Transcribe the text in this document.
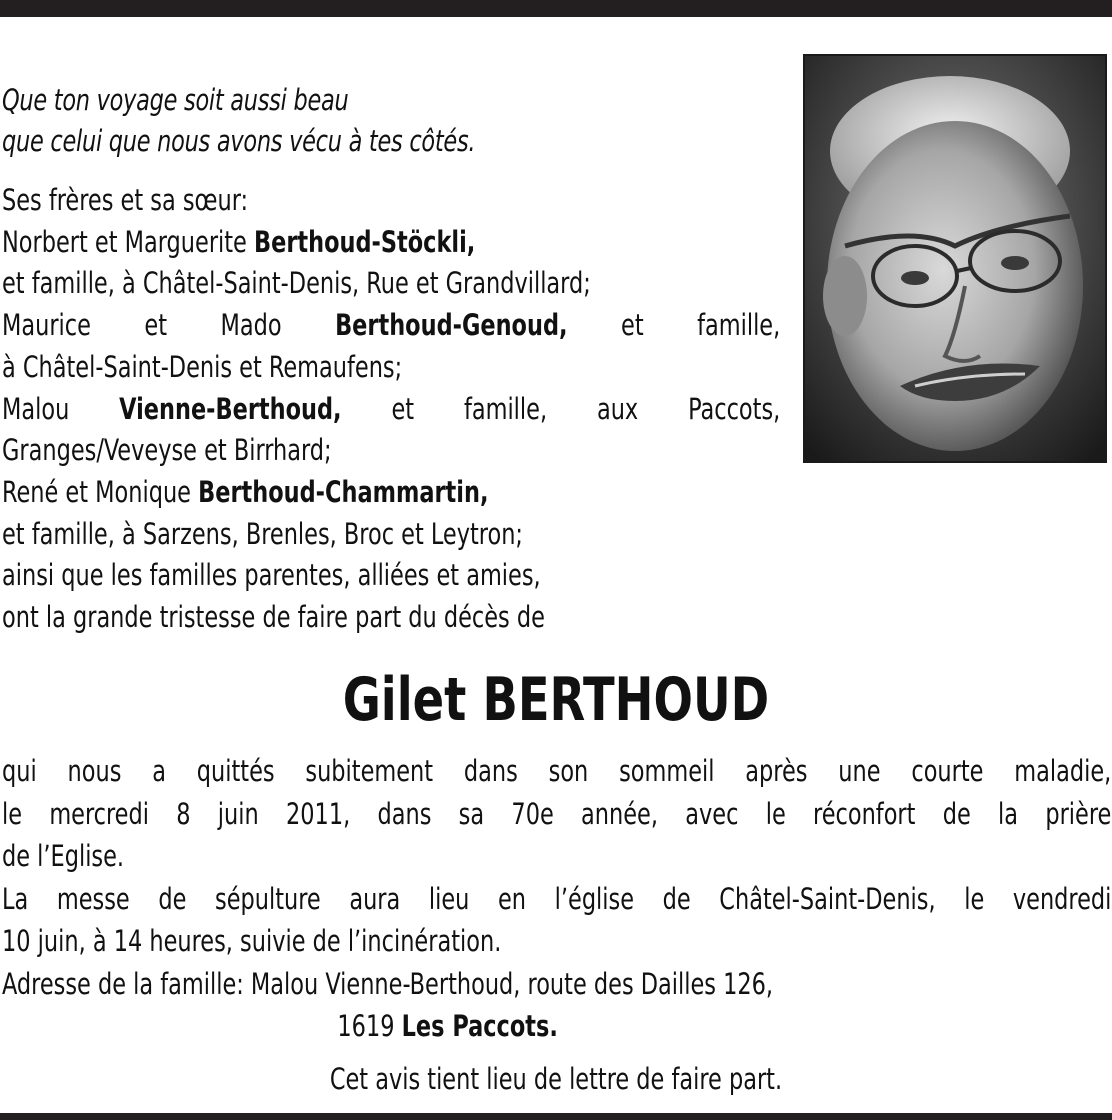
Que ton voyage soit aussi beau
que celui que nous avons vécu à tes côtés.
Ses frères et sa sœur:
Norbert et Marguerite Berthoud-Stöckli,
et famille, à Châtel-Saint-Denis, Rue et Grandvillard;
Maurice et Mado Berthoud-Genoud, et famille,
à Châtel-Saint-Denis et Remaufens;
Malou Vienne-Berthoud, et famille, aux Paccots,
Granges/Veveyse et Birrhard;
René et Monique Berthoud-Chammartin,
et famille, à Sarzens, Brenles, Broc et Leytron;
ainsi que les familles parentes, alliées et amies,
ont la grande tristesse de faire part du décès de
Gilet BERTHOUD
qui nous a quittés subitement dans son sommeil après une courte maladie,
le mercredi 8 juin 2011, dans sa 70e année, avec le réconfort de la prière
de l’Eglise.
La messe de sépulture aura lieu en l’église de Châtel-Saint-Denis, le vendredi
10 juin, à 14 heures, suivie de l’incinération.
Adresse de la famille: Malou Vienne-Berthoud, route des Dailles 126,
1619 Les Paccots.
Cet avis tient lieu de lettre de faire part.
